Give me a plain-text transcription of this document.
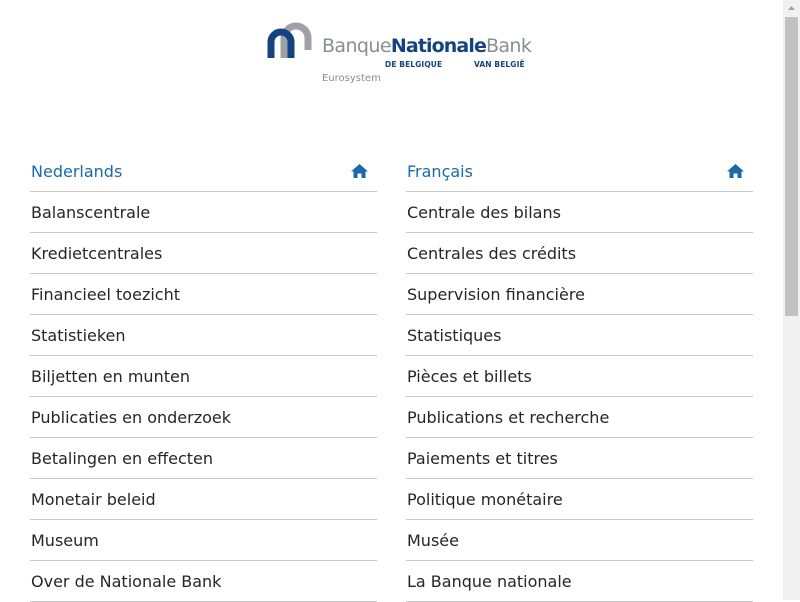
BanqueNationaleBank
DE BELGIQUE	VAN BELGIË
Eurosystem
Nederlands
Balanscentrale
Kredietcentrales
Financieel toezicht
Statistieken
Biljetten en munten
Publicaties en onderzoek
Betalingen en effecten
Monetair beleid
Museum
Over de Nationale Bank
Français
Centrale des bilans
Centrales des crédits
Supervision financière
Statistiques
Pièces et billets
Publications et recherche
Paiements et titres
Politique monétaire
Musée
La Banque nationale
